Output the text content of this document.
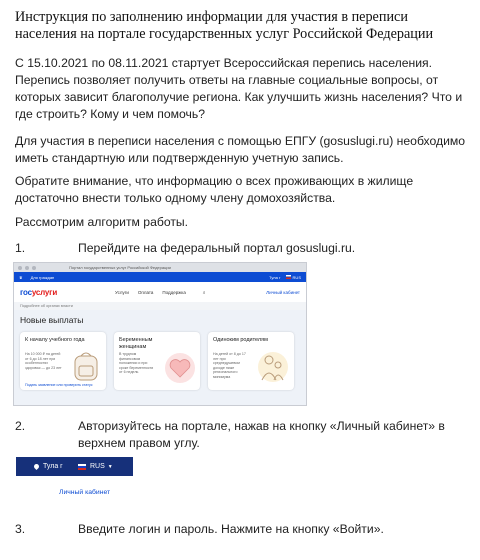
Инструкция по заполнению информации для участия в переписи населения на портале государственных услуг Российской Федерации
С 15.10.2021 по 08.11.2021 стартует Всероссийская перепись населения. Перепись позволяет получить ответы на главные социальные вопросы, от которых зависит благополучие региона. Как улучшить жизнь населения? Что и где строить? Кому и чем помочь?
Для участия в переписи населения с помощью ЕПГУ (gosuslugi.ru) необходимо иметь стандартную или подтвержденную учетную запись.
Обратите внимание, что информацию о всех проживающих в жилище достаточно внести только одному члену домохозяйства.
Рассмотрим алгоритм работы.
1.	Перейдите на федеральный портал gosuslugi.ru.
Портал государственных услуг Российской Федерации
♛ Для граждан	Тула г	RUS
госуслуги	Услуги Оплата Поддержка	⌕	Личный кабинет
Подробнее об органах власти
Новые выплаты
К началу учебного года
На 10 000 ₽ на детей от 6 до 18 лет при особенностях здоровья — до 23 лет
Подать заявление или проверить статус
Беременным женщинам
В трудном финансовом положении и при сроке беременности от 6 недель
Одиноким родителям
На детей от 8 до 17 лет при среднедушевом доходе ниже регионального минимума
2.	Авторизуйтесь на портале, нажав на кнопку «Личный кабинет» в верхнем правом углу.
Тула г	RUS ▼
Личный кабинет
3.	Введите логин и пароль. Нажмите на кнопку «Войти».
